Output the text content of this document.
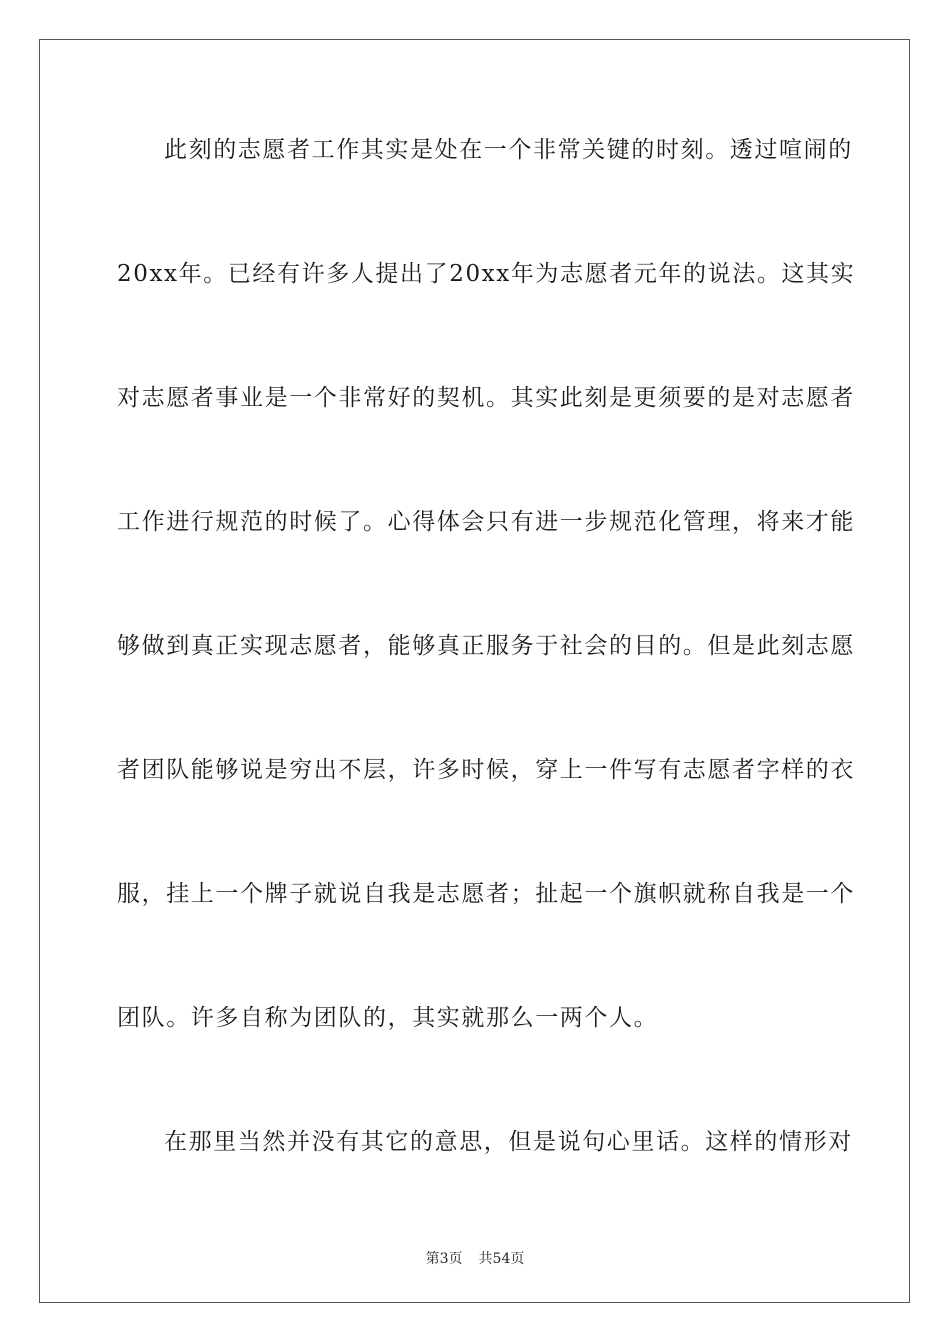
此刻的志愿者工作其实是处在一个非常关键的时刻。透过喧闹的
20xx年。已经有许多人提出了20xx年为志愿者元年的说法。这其实
对志愿者事业是一个非常好的契机。其实此刻是更须要的是对志愿者
工作进行规范的时候了。心得体会只有进一步规范化管理，将来才能
够做到真正实现志愿者，能够真正服务于社会的目的。但是此刻志愿
者团队能够说是穷出不层，许多时候，穿上一件写有志愿者字样的衣
服，挂上一个牌子就说自我是志愿者；扯起一个旗帜就称自我是一个
团队。许多自称为团队的，其实就那么一两个人。
在那里当然并没有其它的意思，但是说句心里话。这样的情形对
第3页 共54页
